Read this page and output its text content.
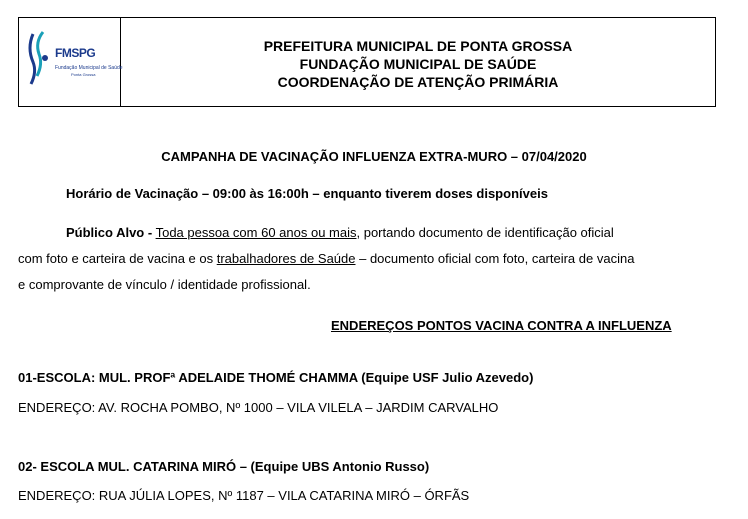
FMSPG
Fundação Municipal de Saúde
Ponta Grossa
PREFEITURA MUNICIPAL DE PONTA GROSSA
FUNDAÇÃO MUNICIPAL DE SAÚDE
COORDENAÇÃO DE ATENÇÃO PRIMÁRIA
CAMPANHA DE VACINAÇÃO INFLUENZA EXTRA-MURO – 07/04/2020
Horário de Vacinação – 09:00 às 16:00h – enquanto tiverem doses disponíveis
Público Alvo - Toda pessoa com 60 anos ou mais, portando documento de identificação oficial
com foto e carteira de vacina e os trabalhadores de Saúde – documento oficial com foto, carteira de vacina
e comprovante de vínculo / identidade profissional.
ENDEREÇOS PONTOS VACINA CONTRA A INFLUENZA
01-ESCOLA: MUL. PROFª ADELAIDE THOMÉ CHAMMA (Equipe USF Julio Azevedo)
ENDEREÇO: AV. ROCHA POMBO, Nº 1000 – VILA VILELA – JARDIM CARVALHO
02- ESCOLA MUL. CATARINA MIRÓ – (Equipe UBS Antonio Russo)
ENDEREÇO: RUA JÚLIA LOPES, Nº 1187 – VILA CATARINA MIRÓ – ÓRFÃS
